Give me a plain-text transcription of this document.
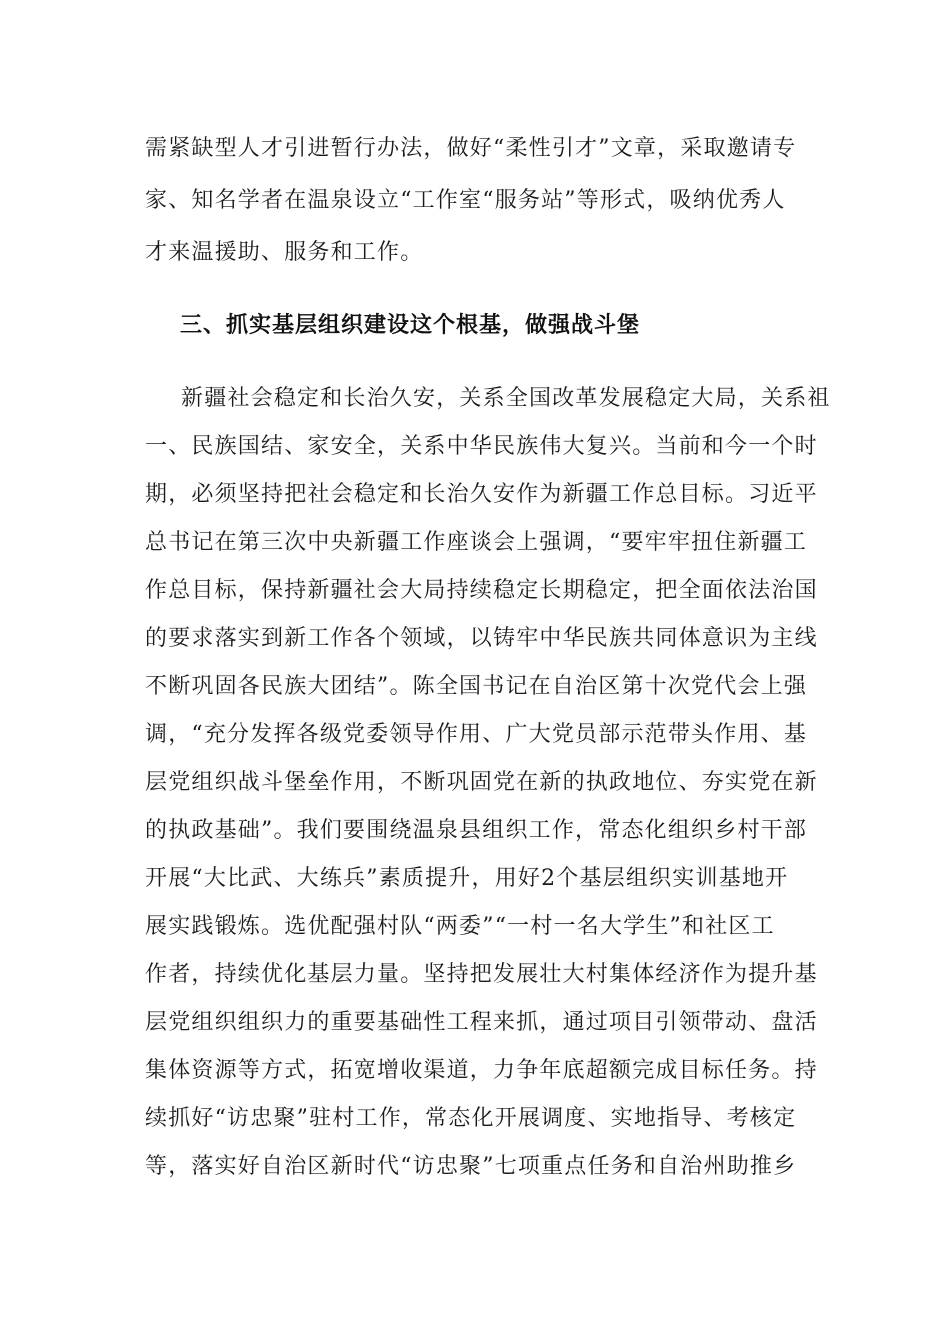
需紧缺型人才引进暂行办法，做好“柔性引才”文章，采取邀请专
家、知名学者在温泉设立“工作室“服务站”等形式，吸纳优秀人
才来温援助、服务和工作。
三、抓实基层组织建设这个根基，做强战斗堡
新疆社会稳定和长治久安，关系全国改革发展稳定大局，关系祖
一、民族国结、家安全，关系中华民族伟大复兴。当前和今一个时
期，必须坚持把社会稳定和长治久安作为新疆工作总目标。习近平
总书记在第三次中央新疆工作座谈会上强调，“要牢牢扭住新疆工
作总目标，保持新疆社会大局持续稳定长期稳定，把全面依法治国
的要求落实到新工作各个领域，以铸牢中华民族共同体意识为主线
不断巩固各民族大团结”。陈全国书记在自治区第十次党代会上强
调，“充分发挥各级党委领导作用、广大党员部示范带头作用、基
层党组织战斗堡垒作用，不断巩固党在新的执政地位、夯实党在新
的执政基础”。我们要围绕温泉县组织工作，常态化组织乡村干部
开展“大比武、大练兵”素质提升，用好2个基层组织实训基地开
展实践锻炼。选优配强村队“两委”“一村一名大学生”和社区工
作者，持续优化基层力量。坚持把发展壮大村集体经济作为提升基
层党组织组织力的重要基础性工程来抓，通过项目引领带动、盘活
集体资源等方式，拓宽增收渠道，力争年底超额完成目标任务。持
续抓好“访忠聚”驻村工作，常态化开展调度、实地指导、考核定
等，落实好自治区新时代“访忠聚”七项重点任务和自治州助推乡
